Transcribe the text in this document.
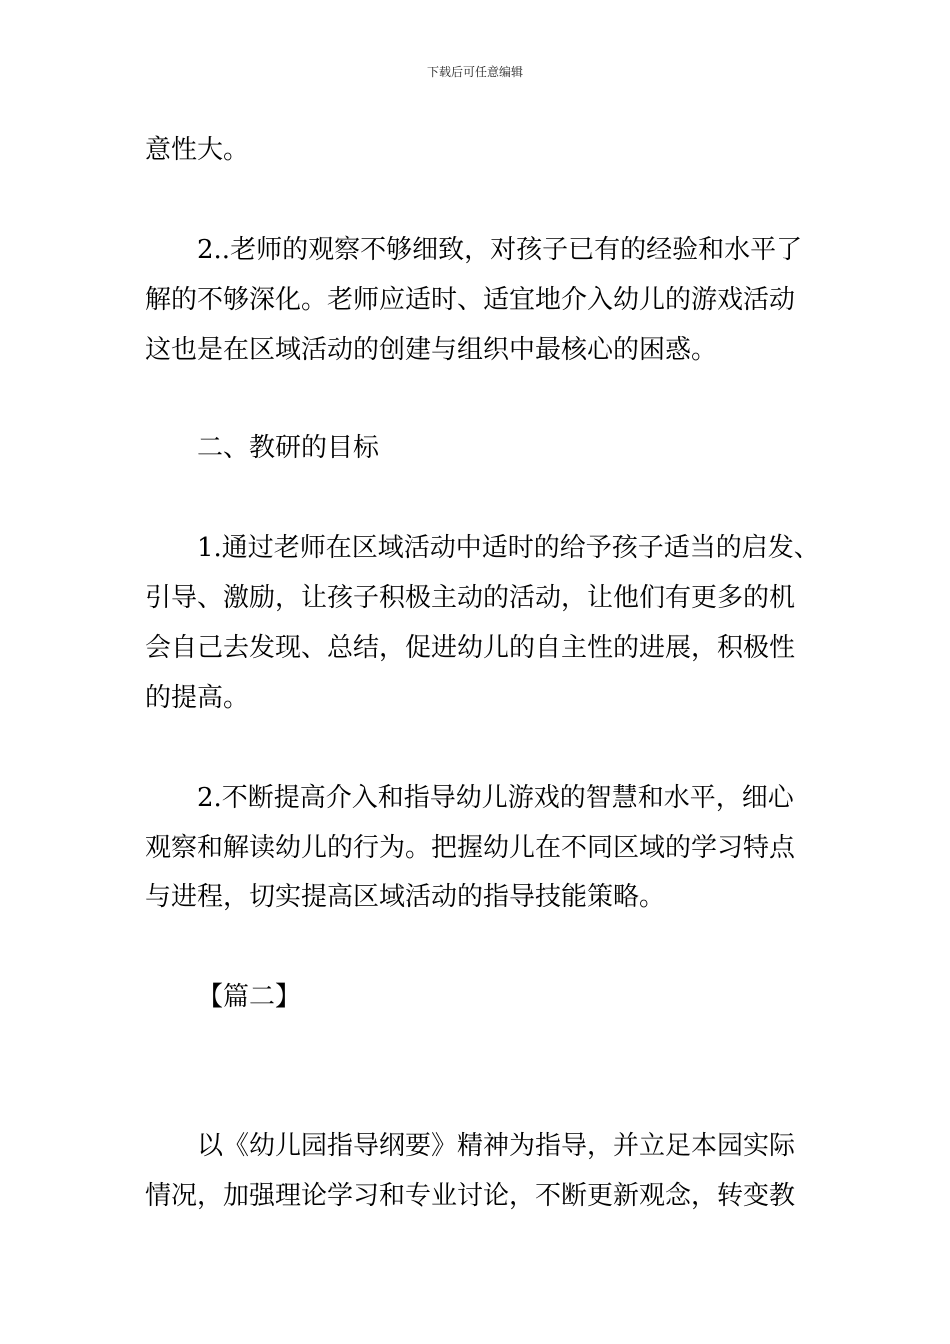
下载后可任意编辑
意性大。
2..老师的观察不够细致，对孩子已有的经验和水平了
解的不够深化。老师应适时、适宜地介入幼儿的游戏活动
这也是在区域活动的创建与组织中最核心的困惑。
二、教研的目标
1.通过老师在区域活动中适时的给予孩子适当的启发、
引导、激励，让孩子积极主动的活动，让他们有更多的机
会自己去发现、总结，促进幼儿的自主性的进展，积极性
的提高。
2.不断提高介入和指导幼儿游戏的智慧和水平，细心
观察和解读幼儿的行为。把握幼儿在不同区域的学习特点
与进程，切实提高区域活动的指导技能策略。
【篇二】
以《幼儿园指导纲要》精神为指导，并立足本园实际
情况，加强理论学习和专业讨论，不断更新观念，转变教
